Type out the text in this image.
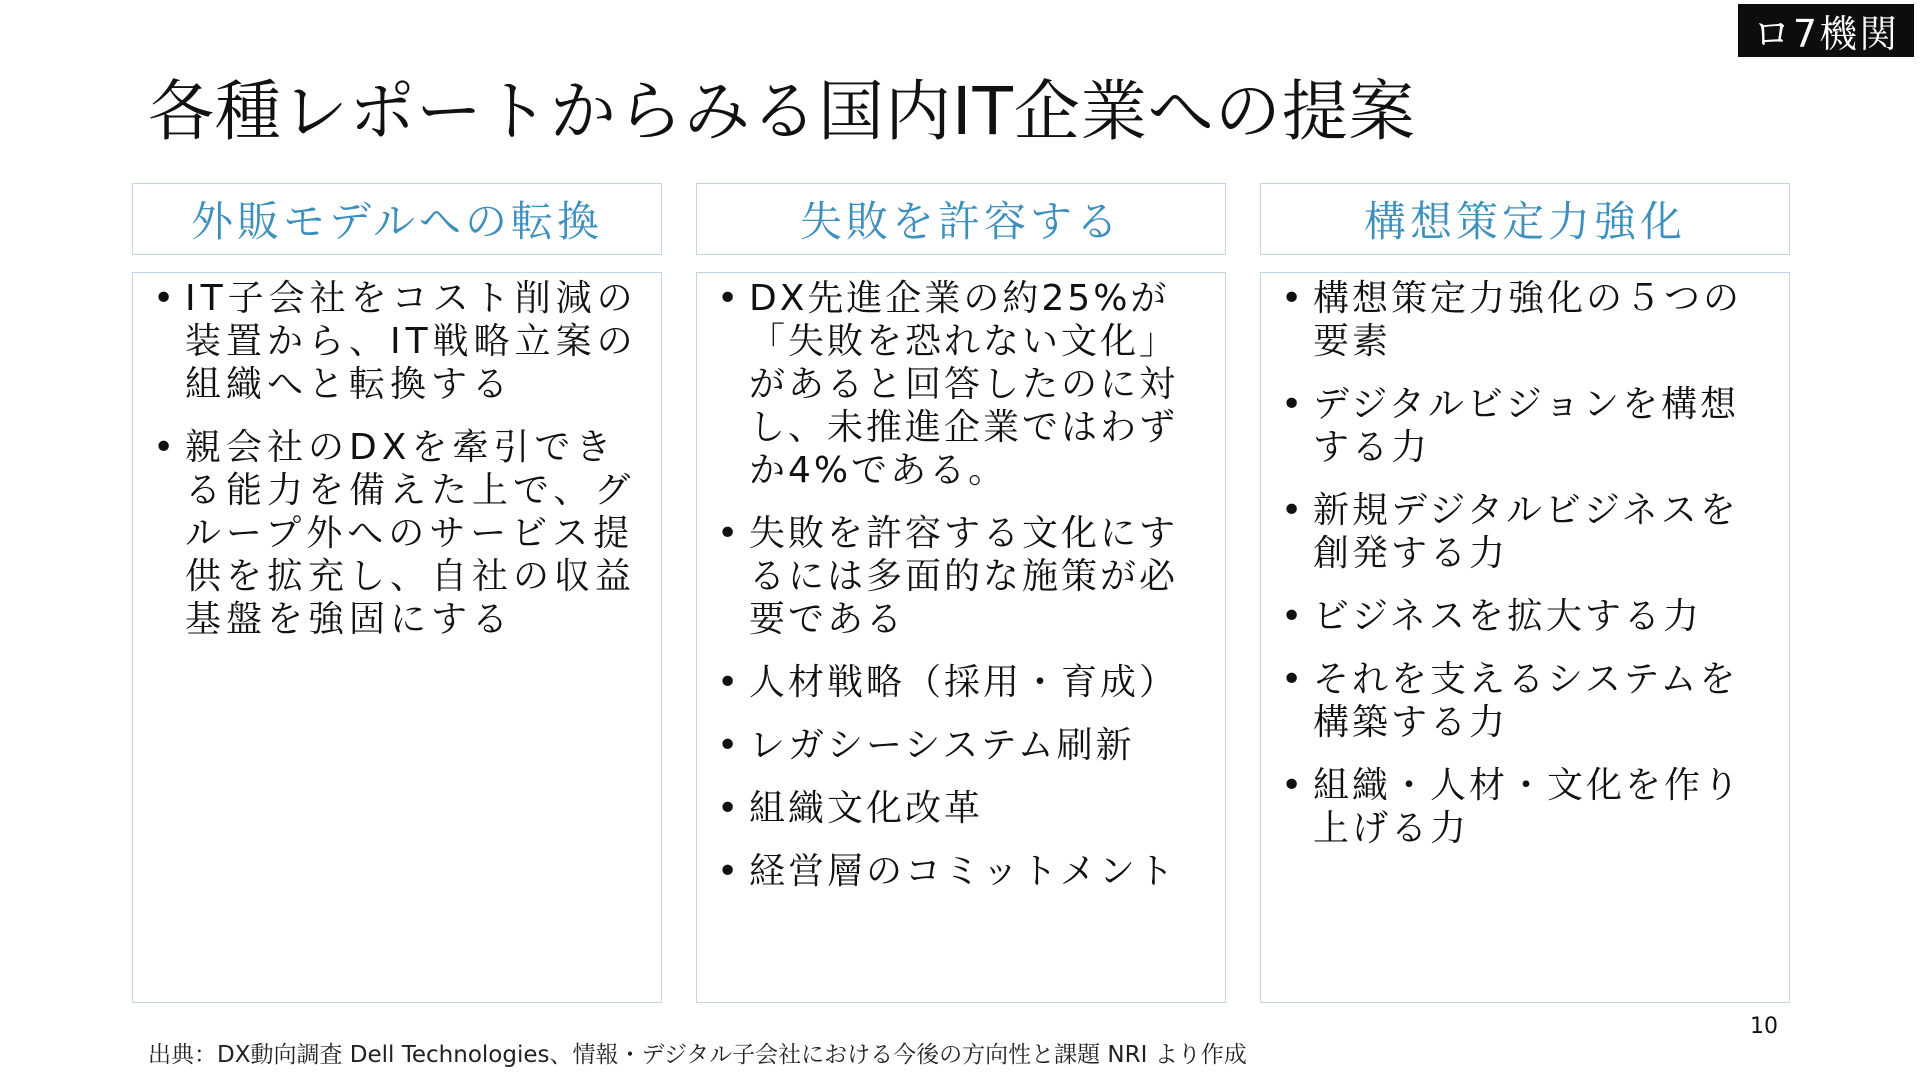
ロ7機関
各種レポートからみる国内IT企業への提案
外販モデルへの転換
• IT子会社をコスト削減の装置から、IT戦略立案の組織へと転換する
• 親会社のDXを牽引できる能力を備えた上で、グループ外へのサービス提供を拡充し、自社の収益基盤を強固にする
失敗を許容する
• DX先進企業の約25%が「失敗を恐れない文化」があると回答したのに対し、未推進企業ではわずか4%である。
• 失敗を許容する文化にするには多面的な施策が必要である
• 人材戦略（採用・育成）
• レガシーシステム刷新
• 組織文化改革
• 経営層のコミットメント
構想策定力強化
• 構想策定力強化の５つの要素
• デジタルビジョンを構想する力
• 新規デジタルビジネスを創発する力
• ビジネスを拡大する力
• それを支えるシステムを構築する力
• 組織・人材・文化を作り上げる力
10
出典：DX動向調査 Dell Technologies、情報・デジタル子会社における今後の方向性と課題 NRI より作成
